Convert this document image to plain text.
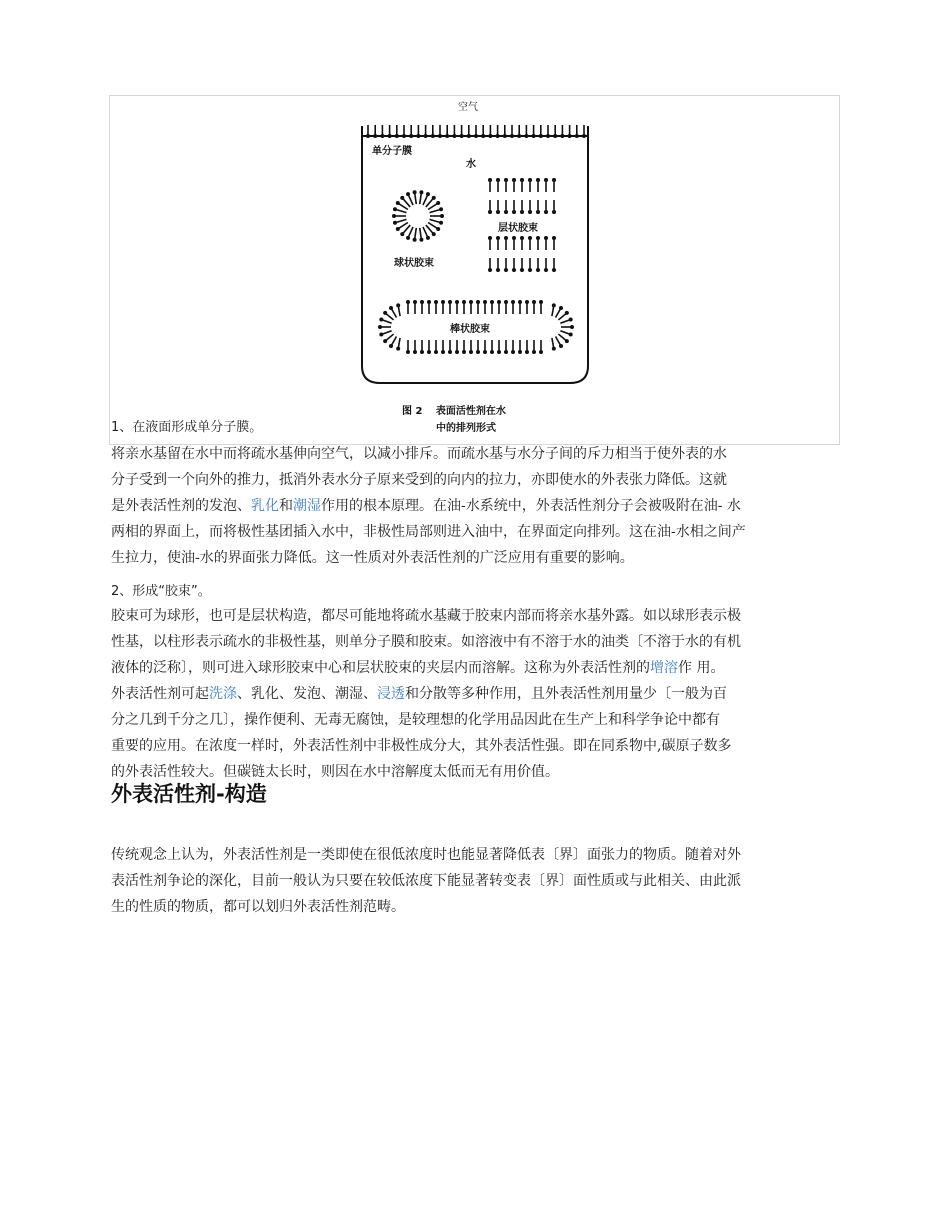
空气
单分子膜
水
球状胶束
层状胶束
棒状胶束
图 2　 表面活性剂在水
中的排列形式
1、在液面形成单分子膜。
将亲水基留在水中而将疏水基伸向空气，以减小排斥。而疏水基与水分子间的斥力相当于使外表的水
分子受到一个向外的推力，抵消外表水分子原来受到的向内的拉力，亦即使水的外表张力降低。这就
是外表活性剂的发泡、乳化和潮湿作用的根本原理。在油-水系统中，外表活性剂分子会被吸附在油- 水
两相的界面上，而将极性基团插入水中，非极性局部则进入油中，在界面定向排列。这在油-水相之间产
生拉力，使油-水的界面张力降低。这一性质对外表活性剂的广泛应用有重要的影响。
2、形成“胶束”。
胶束可为球形，也可是层状构造，都尽可能地将疏水基藏于胶束内部而将亲水基外露。如以球形表示极
性基，以柱形表示疏水的非极性基，则单分子膜和胶束。如溶液中有不溶于水的油类〔不溶于水的有机
液体的泛称〕，则可进入球形胶束中心和层状胶束的夹层内而溶解。这称为外表活性剂的增溶作 用。
外表活性剂可起洗涤、乳化、发泡、潮湿、浸透和分散等多种作用，且外表活性剂用量少〔一般为百
分之几到千分之几〕，操作便利、无毒无腐蚀，是较理想的化学用品因此在生产上和科学争论中都有
重要的应用。在浓度一样时，外表活性剂中非极性成分大，其外表活性强。即在同系物中,碳原子数多
的外表活性较大。但碳链太长时，则因在水中溶解度太低而无有用价值。
外表活性剂-构造
传统观念上认为，外表活性剂是一类即使在很低浓度时也能显著降低表〔界〕面张力的物质。随着对外
表活性剂争论的深化，目前一般认为只要在较低浓度下能显著转变表〔界〕面性质或与此相关、由此派
生的性质的物质，都可以划归外表活性剂范畴。
